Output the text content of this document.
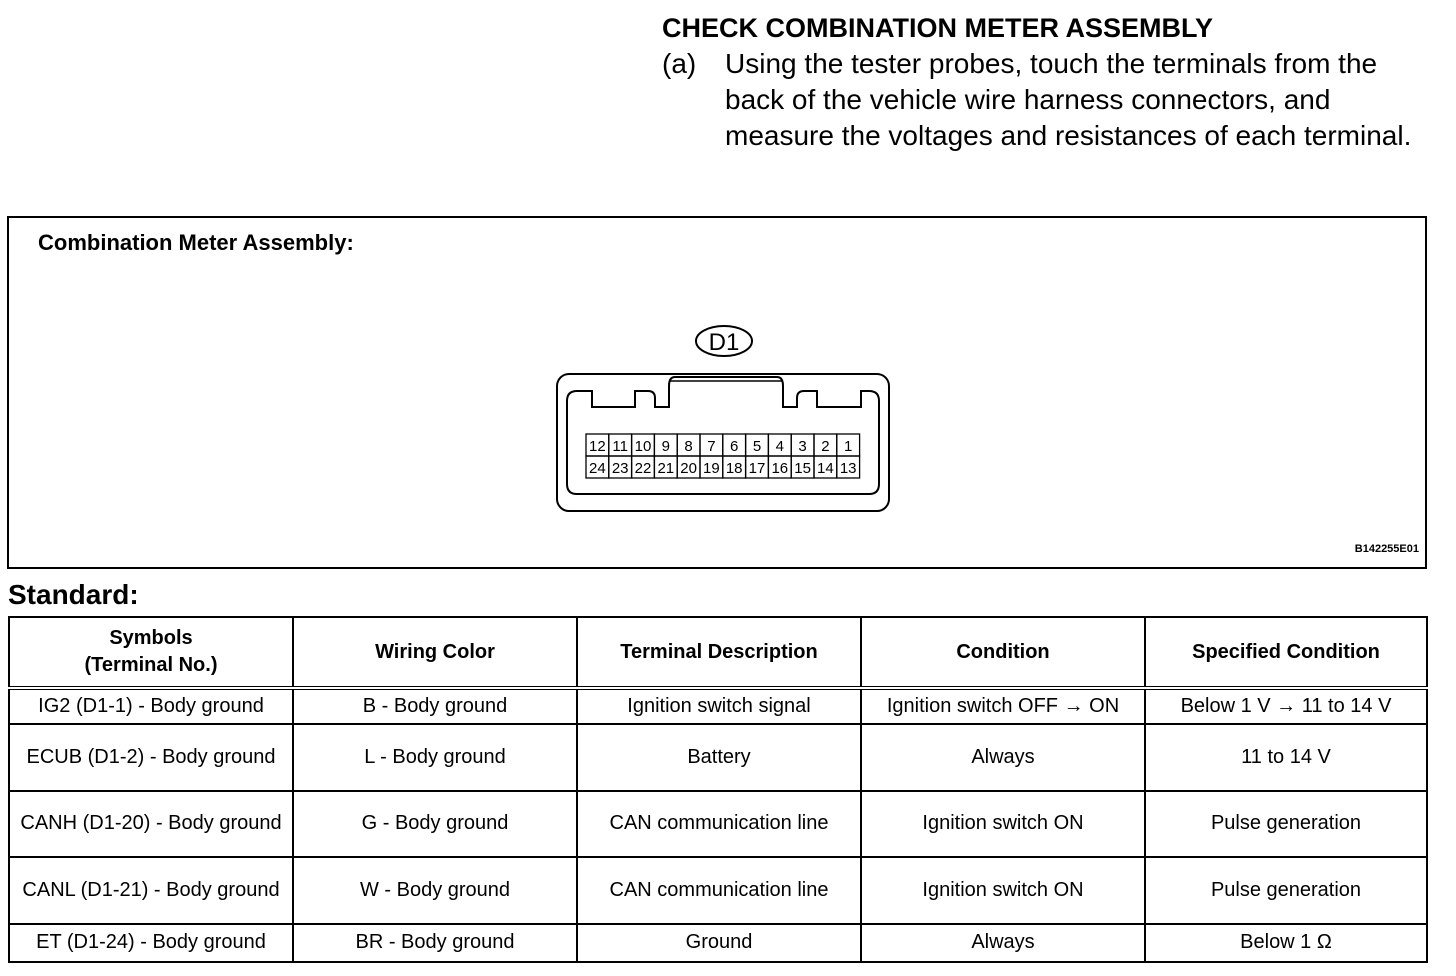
CHECK COMBINATION METER ASSEMBLY
(a) Using the tester probes, touch the terminals from the back of the vehicle wire harness connectors, and measure the voltages and resistances of each terminal.
Combination Meter Assembly:
D1
12 11 10 9 8 7 6 5 4 3 2 1
24 23 22 21 20 19 18 17 16 15 14 13
B142255E01
Standard:
Symbols
(Terminal No.)	Wiring Color	Terminal Description	Condition	Specified Condition
IG2 (D1-1) - Body ground	B - Body ground	Ignition switch signal	Ignition switch OFF → ON	Below 1 V → 11 to 14 V
ECUB (D1-2) - Body ground	L - Body ground	Battery	Always	11 to 14 V
CANH (D1-20) - Body ground	G - Body ground	CAN communication line	Ignition switch ON	Pulse generation
CANL (D1-21) - Body ground	W - Body ground	CAN communication line	Ignition switch ON	Pulse generation
ET (D1-24) - Body ground	BR - Body ground	Ground	Always	Below 1 Ω
